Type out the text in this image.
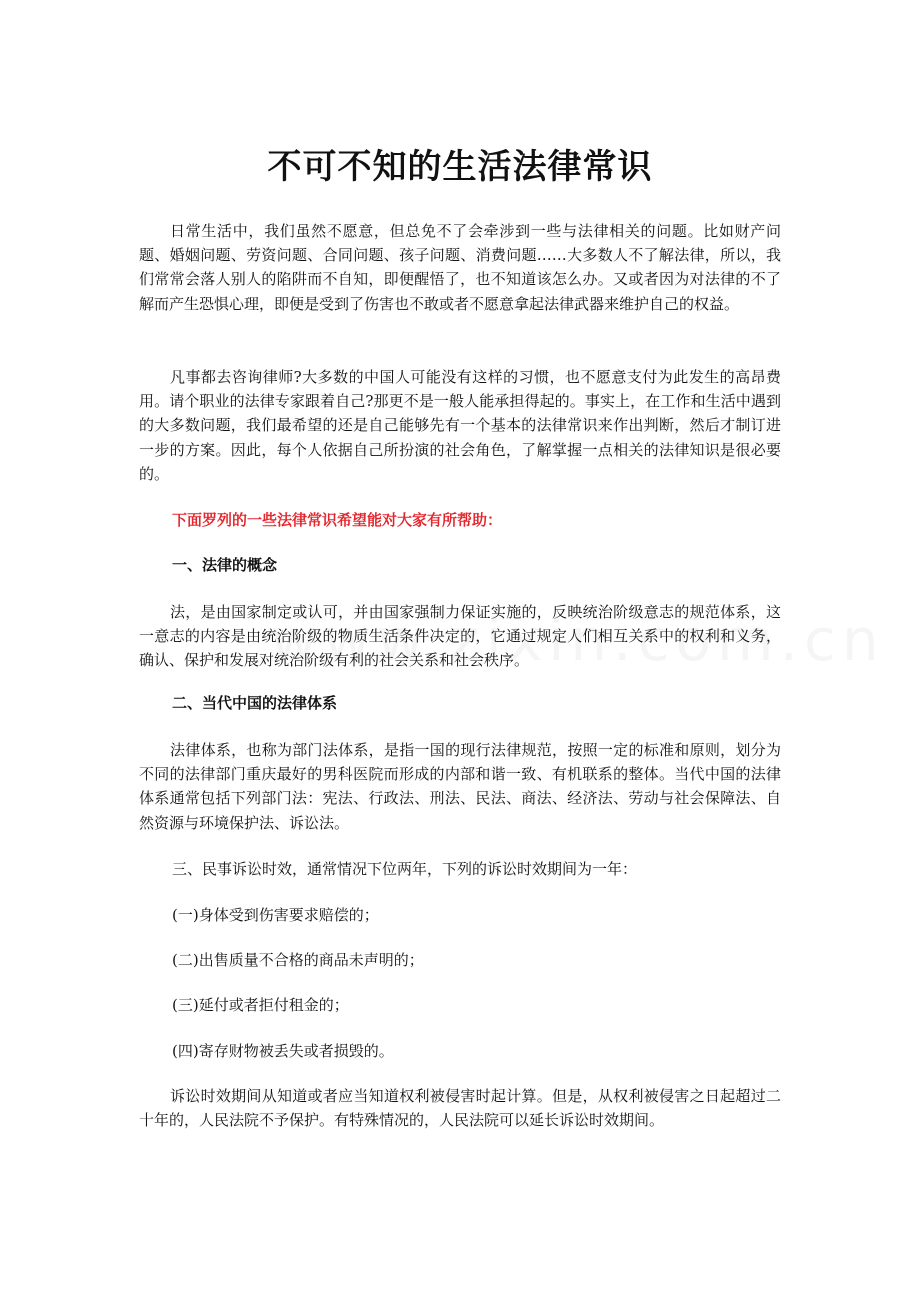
不可不知的生活法律常识

日常生活中，我们虽然不愿意，但总免不了会牵涉到一些与法律相关的问题。比如财产问题、婚姻问题、劳资问题、合同问题、孩子问题、消费问题……大多数人不了解法律，所以，我们常常会落人别人的陷阱而不自知，即便醒悟了，也不知道该怎么办。又或者因为对法律的不了解而产生恐惧心理，即便是受到了伤害也不敢或者不愿意拿起法律武器来维护自己的权益。

凡事都去咨询律师?大多数的中国人可能没有这样的习惯，也不愿意支付为此发生的高昂费用。请个职业的法律专家跟着自己?那更不是一般人能承担得起的。事实上，在工作和生活中遇到的大多数问题，我们最希望的还是自己能够先有一个基本的法律常识来作出判断，然后才制订进一步的方案。因此，每个人依据自己所扮演的社会角色，了解掌握一点相关的法律知识是很必要的。

下面罗列的一些法律常识希望能对大家有所帮助：

一、法律的概念

法，是由国家制定或认可，并由国家强制力保证实施的，反映统治阶级意志的规范体系，这一意志的内容是由统治阶级的物质生活条件决定的，它通过规定人们相互关系中的权利和义务，确认、保护和发展对统治阶级有利的社会关系和社会秩序。

二、当代中国的法律体系

法律体系，也称为部门法体系，是指一国的现行法律规范，按照一定的标准和原则，划分为不同的法律部门重庆最好的男科医院而形成的内部和谐一致、有机联系的整体。当代中国的法律体系通常包括下列部门法：宪法、行政法、刑法、民法、商法、经济法、劳动与社会保障法、自然资源与环境保护法、诉讼法。

三、民事诉讼时效，通常情况下位两年，下列的诉讼时效期间为一年：

(一)身体受到伤害要求赔偿的；

(二)出售质量不合格的商品未声明的；

(三)延付或者拒付租金的；

(四)寄存财物被丢失或者损毁的。

诉讼时效期间从知道或者应当知道权利被侵害时起计算。但是，从权利被侵害之日起超过二十年的，人民法院不予保护。有特殊情况的，人民法院可以延长诉讼时效期间。
